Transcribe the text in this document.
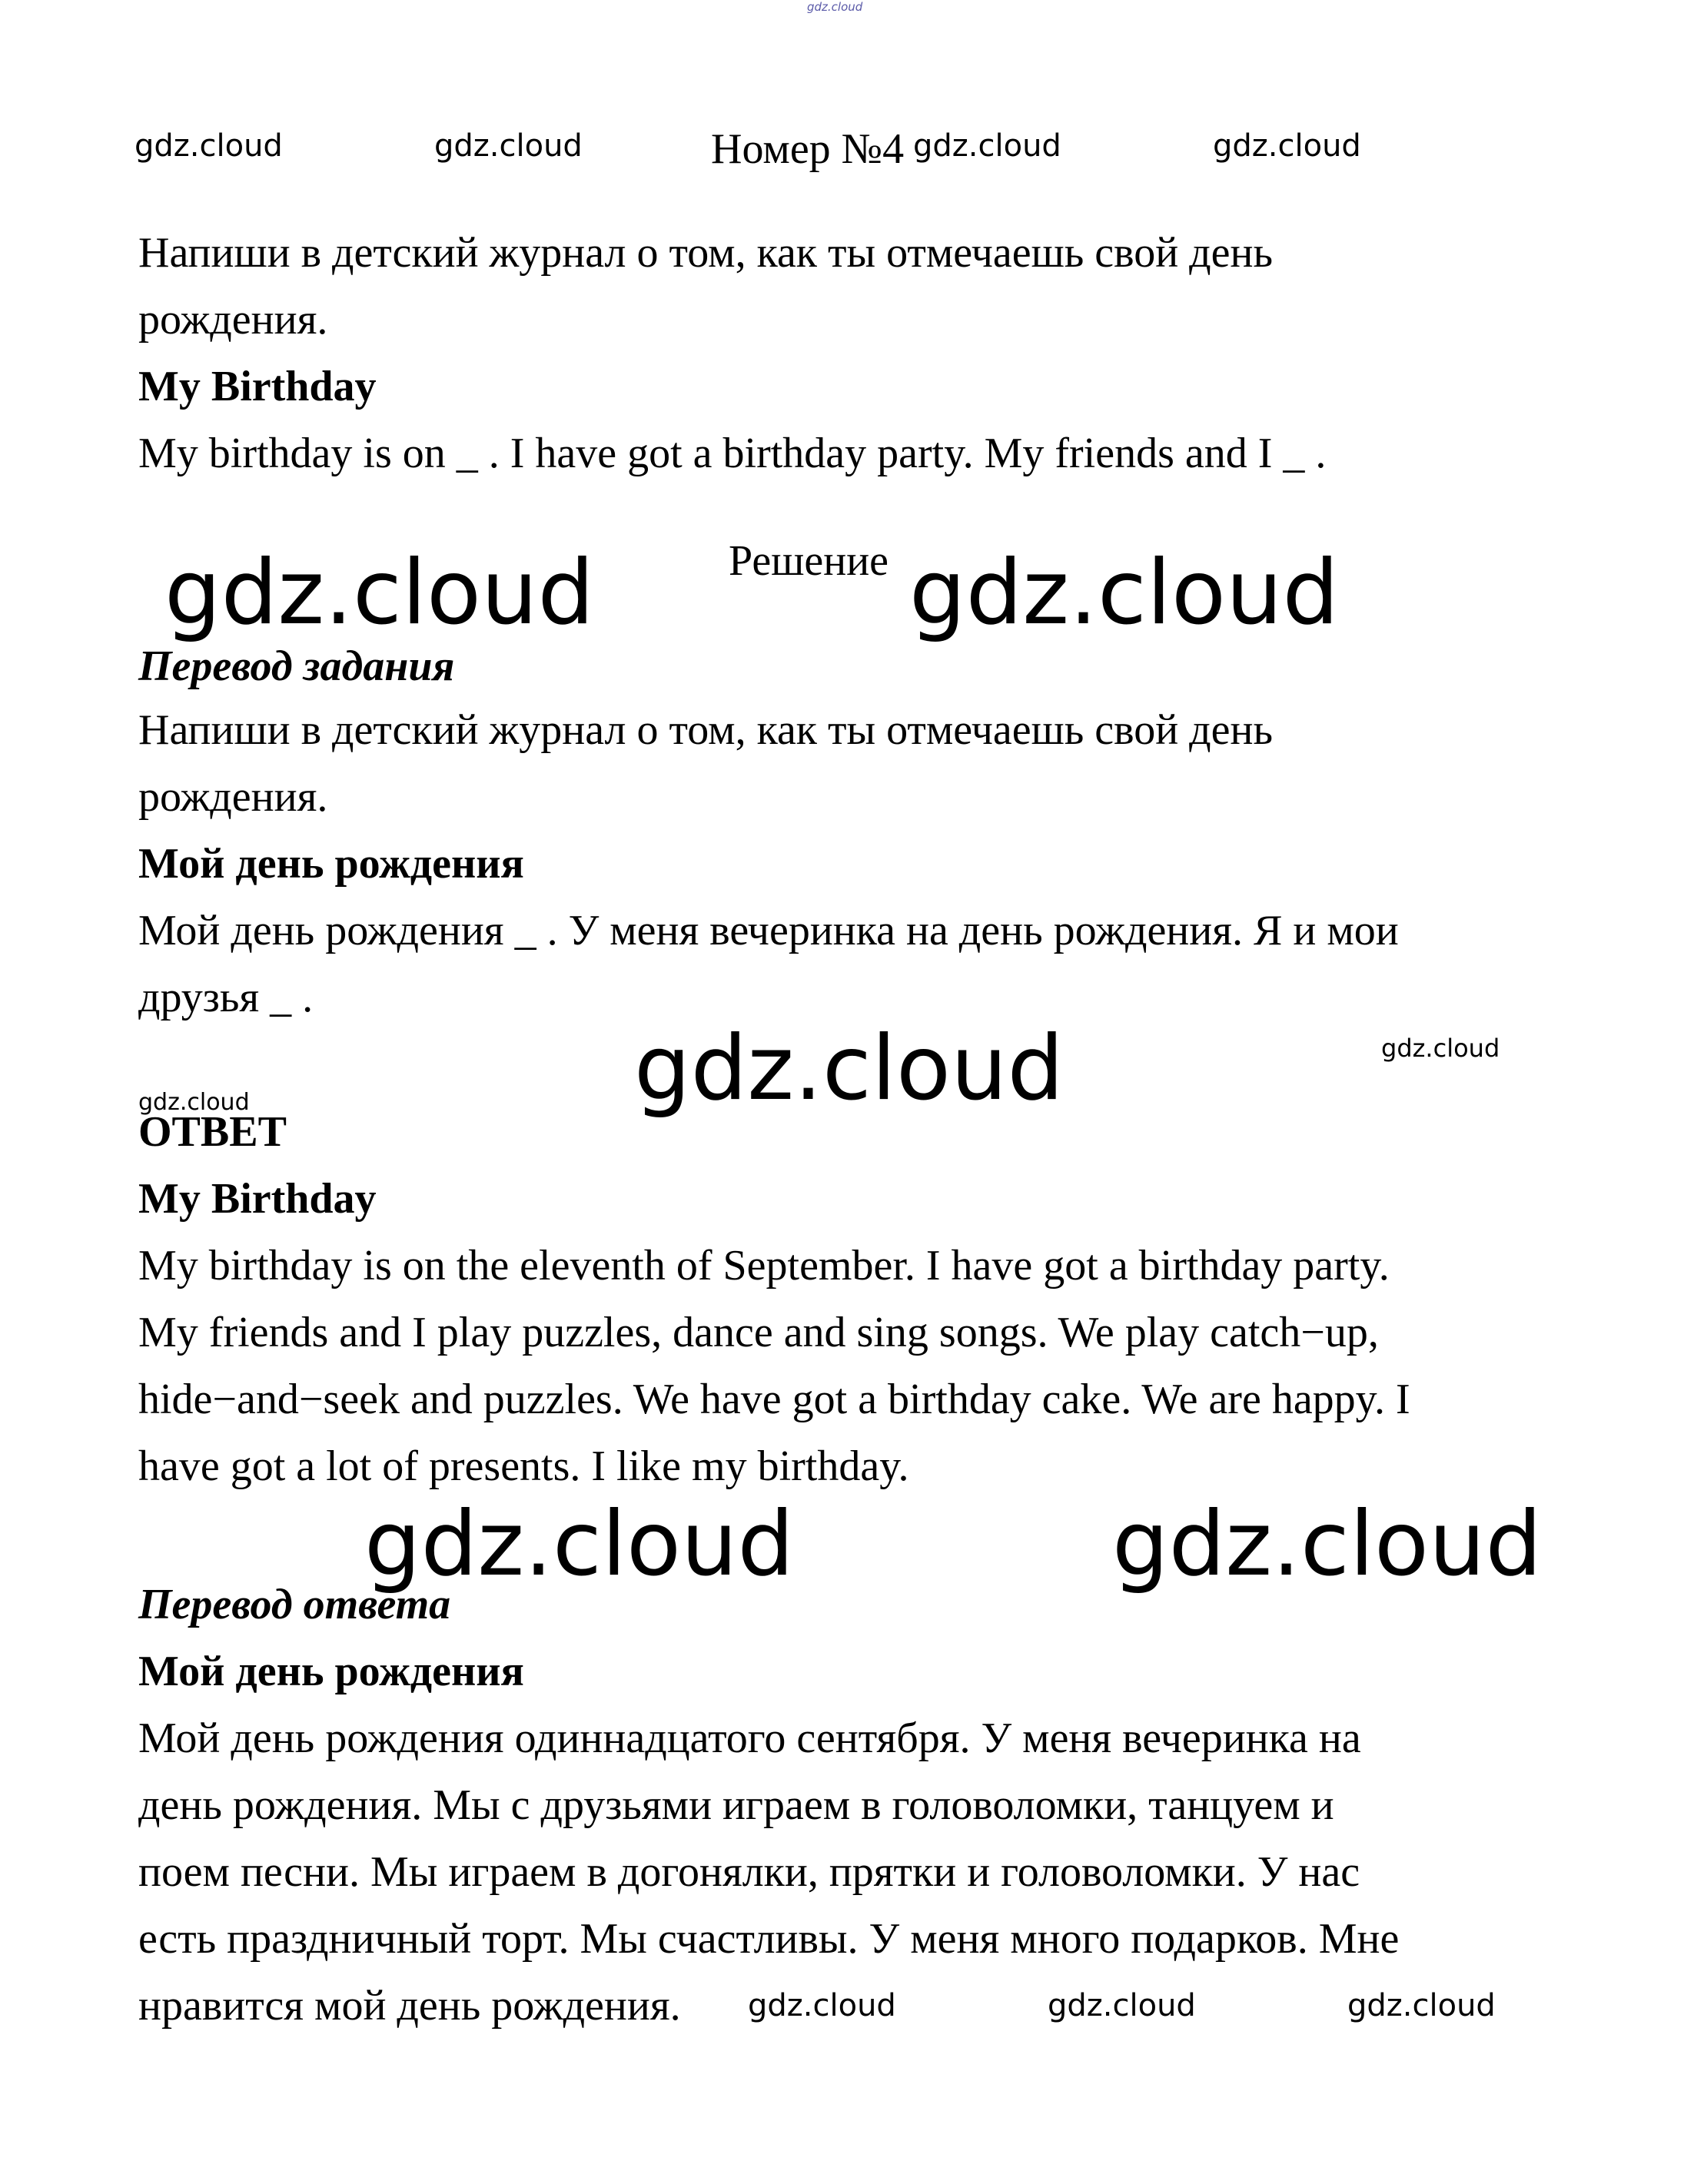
gdz.cloud
gdz.cloud	gdz.cloud	Номер №4 gdz.cloud	gdz.cloud
Напиши в детский журнал о том, как ты отмечаешь свой день
рождения.
My Birthday
My birthday is on _ . I have got a birthday party. My friends and I _ .
Решение
gdz.cloud	gdz.cloud
Перевод задания
Напиши в детский журнал о том, как ты отмечаешь свой день
рождения.
Мой день рождения
Мой день рождения _ . У меня вечеринка на день рождения. Я и мои
друзья _ .
gdz.cloud	gdz.cloud
gdz.cloud
ОТВЕТ
My Birthday
My birthday is on the eleventh of September. I have got a birthday party.
My friends and I play puzzles, dance and sing songs. We play catch−up,
hide−and−seek and puzzles. We have got a birthday cake. We are happy. I
have got a lot of presents. I like my birthday.
gdz.cloud	gdz.cloud
Перевод ответа
Мой день рождения
Мой день рождения одиннадцатого сентября. У меня вечеринка на
день рождения. Мы с друзьями играем в головоломки, танцуем и
поем песни. Мы играем в догонялки, прятки и головоломки. У нас
есть праздничный торт. Мы счастливы. У меня много подарков. Мне
нравится мой день рождения. gdz.cloud	gdz.cloud	gdz.cloud
